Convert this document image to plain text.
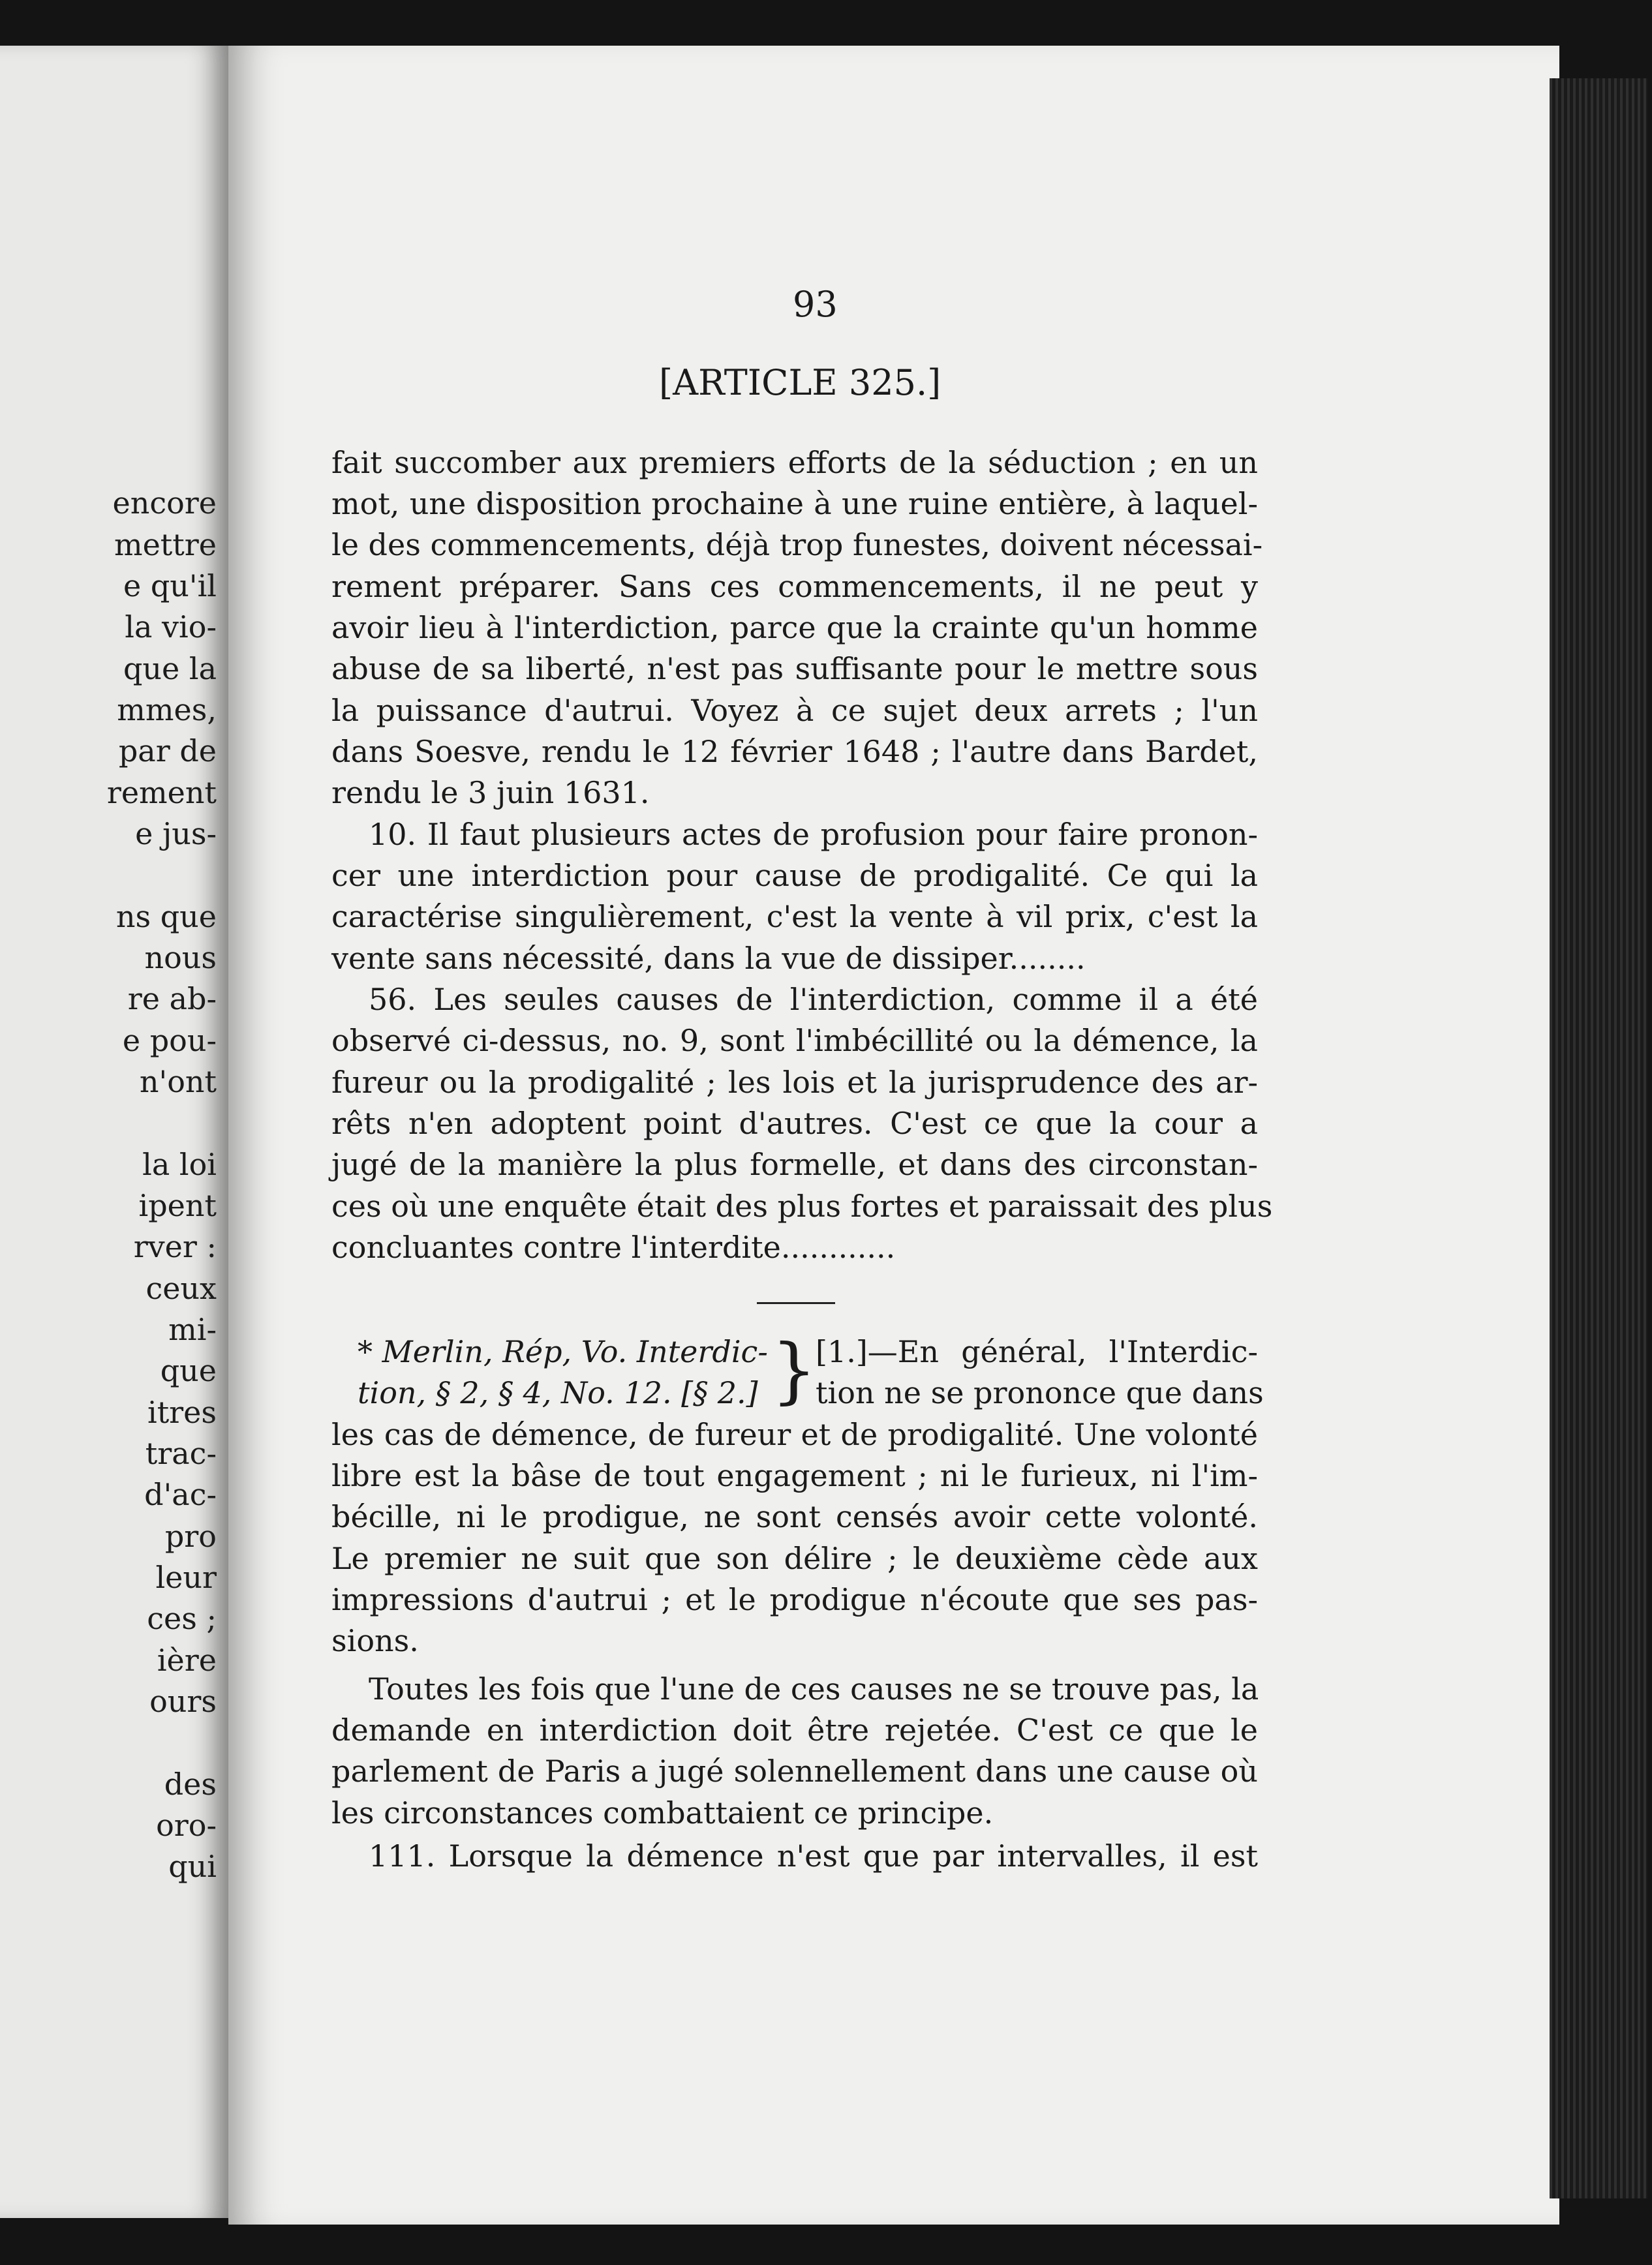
encore
mettre
e qu'il
la vio-
que la
mmes,
par de
rement
e jus-
ns que
nous
re ab-
e pou-
n'ont
la loi
ipent
rver :
ceux
mi-
que
itres
trac-
d'ac-
pro
leur
ces ;
ière
ours
des
oro-
qui
93
[ARTICLE 325.]
fait succomber aux premiers efforts de la séduction ; en un
mot, une disposition prochaine à une ruine entière, à laquel-
le des commencements, déjà trop funestes, doivent nécessai-
rement préparer. Sans ces commencements, il ne peut y
avoir lieu à l'interdiction, parce que la crainte qu'un homme
abuse de sa liberté, n'est pas suffisante pour le mettre sous
la puissance d'autrui. Voyez à ce sujet deux arrets ; l'un
dans Soesve, rendu le 12 février 1648 ; l'autre dans Bardet,
rendu le 3 juin 1631.
10. Il faut plusieurs actes de profusion pour faire pronon-
cer une interdiction pour cause de prodigalité. Ce qui la
caractérise singulièrement, c'est la vente à vil prix, c'est la
vente sans nécessité, dans la vue de dissiper........
56. Les seules causes de l'interdiction, comme il a été
observé ci-dessus, no. 9, sont l'imbécillité ou la démence, la
fureur ou la prodigalité ; les lois et la jurisprudence des ar-
rêts n'en adoptent point d'autres. C'est ce que la cour a
jugé de la manière la plus formelle, et dans des circonstan-
ces où une enquête était des plus fortes et paraissait des plus
concluantes contre l'interdite............
* Merlin, Rép, Vo. Interdic-
tion, § 2, § 4, No. 12. [§ 2.] }
[1.]—En général, l'Interdic-
tion ne se prononce que dans
les cas de démence, de fureur et de prodigalité. Une volonté
libre est la bâse de tout engagement ; ni le furieux, ni l'im-
bécille, ni le prodigue, ne sont censés avoir cette volonté.
Le premier ne suit que son délire ; le deuxième cède aux
impressions d'autrui ; et le prodigue n'écoute que ses pas-
sions.
Toutes les fois que l'une de ces causes ne se trouve pas, la
demande en interdiction doit être rejetée. C'est ce que le
parlement de Paris a jugé solennellement dans une cause où
les circonstances combattaient ce principe.
111. Lorsque la démence n'est que par intervalles, il est
